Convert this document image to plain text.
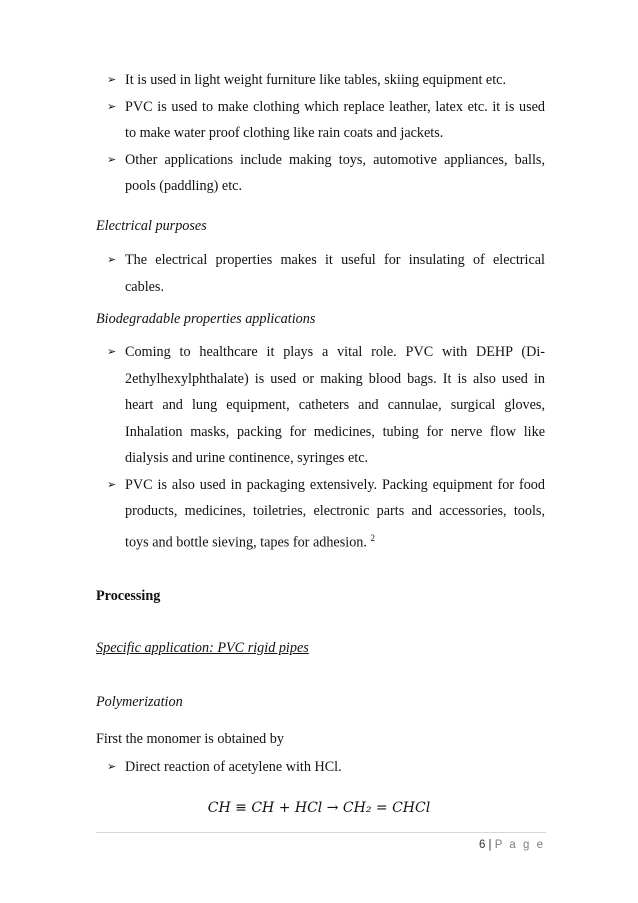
➢ It is used in light weight furniture like tables, skiing equipment etc.
➢ PVC is used to make clothing which replace leather, latex etc. it is used to make water proof clothing like rain coats and jackets.
➢ Other applications include making toys, automotive appliances, balls, pools (paddling) etc.
Electrical purposes
➢ The electrical properties makes it useful for insulating of electrical cables.
Biodegradable properties applications
➢ Coming to healthcare it plays a vital role. PVC with DEHP (Di-2ethylhexylphthalate) is used or making blood bags. It is also used in heart and lung equipment, catheters and cannulae, surgical gloves, Inhalation masks, packing for medicines, tubing for nerve flow like dialysis and urine continence, syringes etc.
➢ PVC is also used in packaging extensively. Packing equipment for food products, medicines, toiletries, electronic parts and accessories, tools, toys and bottle sieving, tapes for adhesion. $^2$
Processing
Specific application: PVC rigid pipes
Polymerization
First the monomer is obtained by
➢ Direct reaction of acetylene with HCl.
CH ≡ CH + HCl → CH₂ = CHCl
6 | P a g e
